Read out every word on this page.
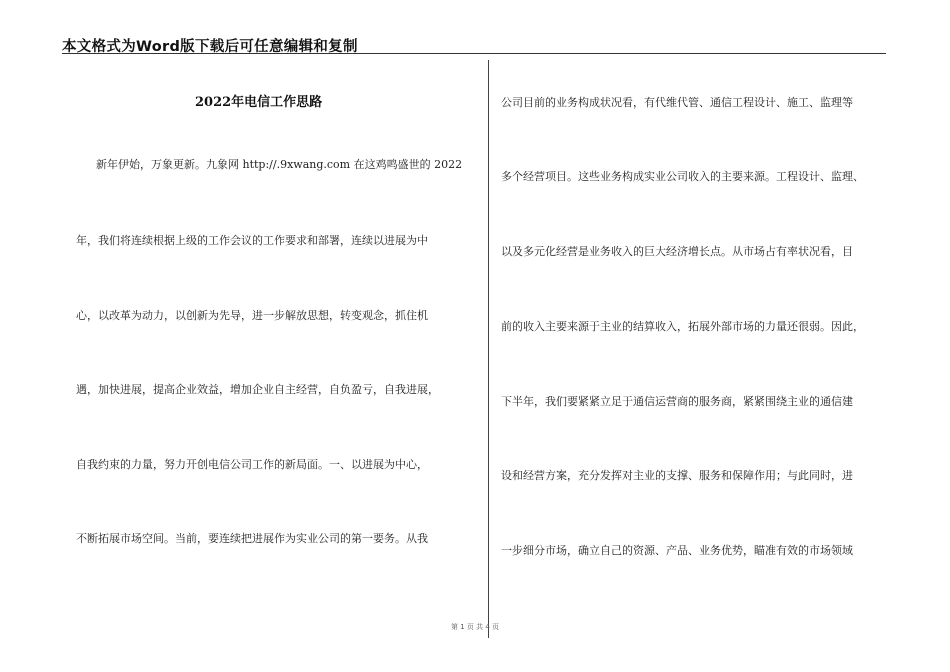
本文格式为Word版下载后可任意编辑和复制
2022年电信工作思路
新年伊始，万象更新。九象网 http://.9xwang.com 在这鸡鸣盛世的 2022
年，我们将连续根据上级的工作会议的工作要求和部署，连续以进展为中
心，以改革为动力，以创新为先导，进一步解放思想，转变观念，抓住机
遇，加快进展，提高企业效益，增加企业自主经营，自负盈亏，自我进展，
自我约束的力量，努力开创电信公司工作的新局面。一、以进展为中心，
不断拓展市场空间。当前，要连续把进展作为实业公司的第一要务。从我
公司目前的业务构成状况看，有代维代管、通信工程设计、施工、监理等
多个经营项目。这些业务构成实业公司收入的主要来源。工程设计、监理、
以及多元化经营是业务收入的巨大经济增长点。从市场占有率状况看，目
前的收入主要来源于主业的结算收入，拓展外部市场的力量还很弱。因此，
下半年，我们要紧紧立足于通信运营商的服务商，紧紧围绕主业的通信建
设和经营方案，充分发挥对主业的支撑、服务和保障作用；与此同时，进
一步细分市场，确立自己的资源、产品、业务优势，瞄准有效的市场领域
第 1 页 共 4 页
